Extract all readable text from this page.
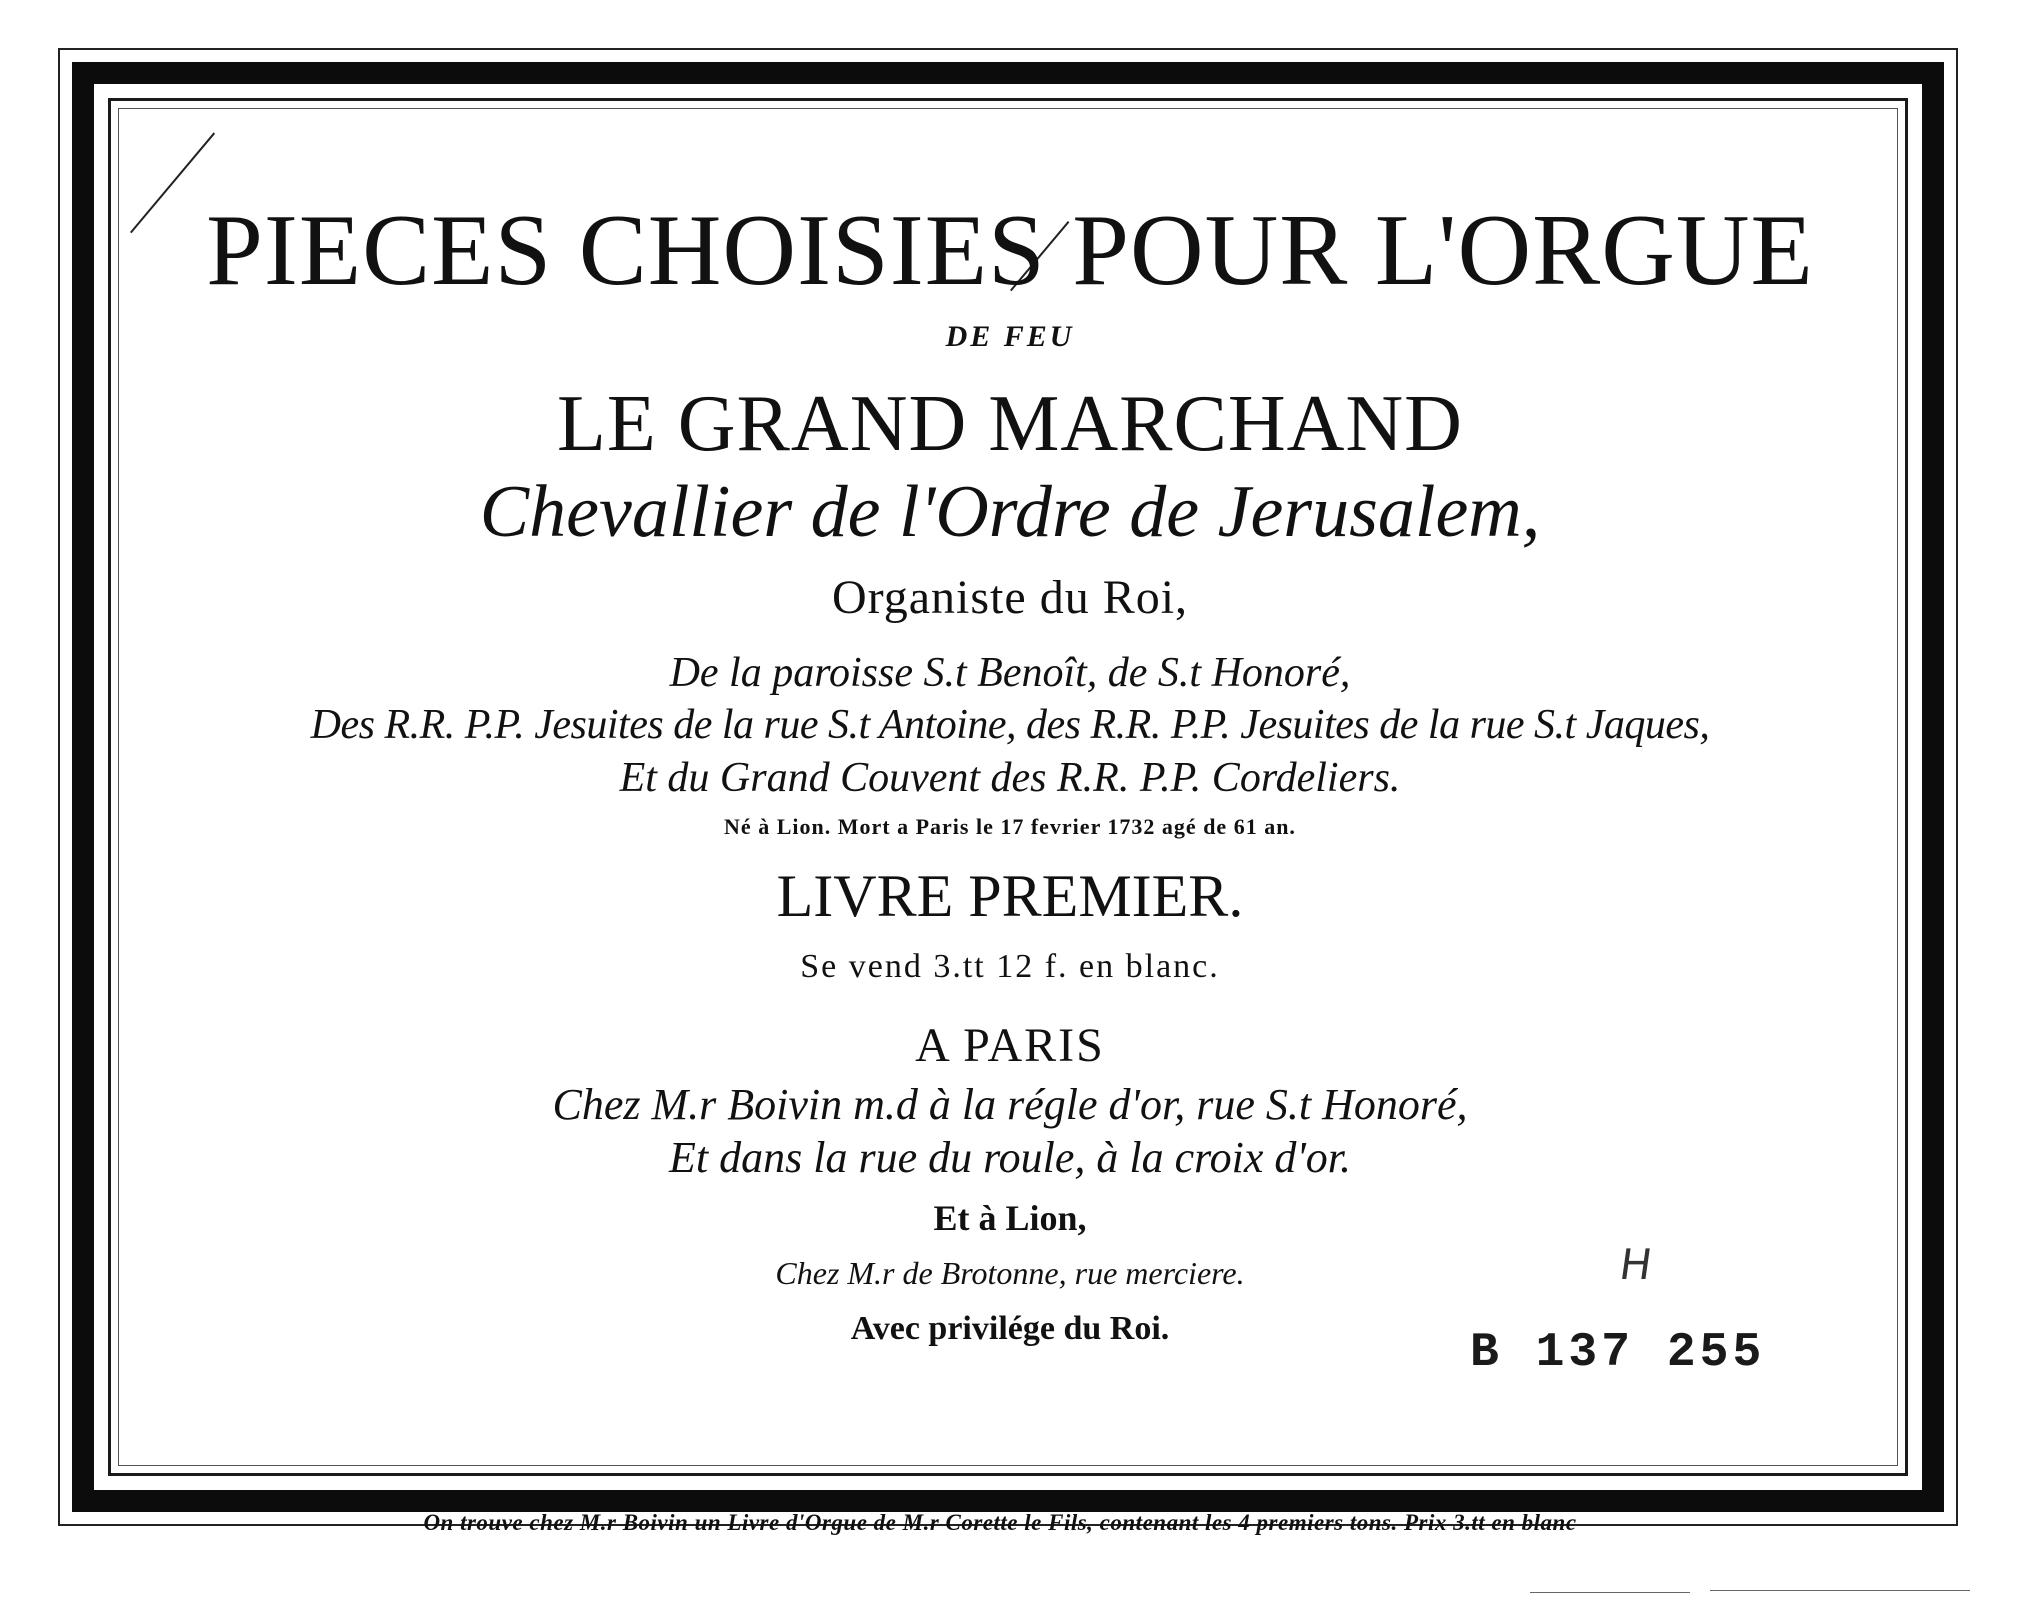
PIECES CHOISIES POUR L'ORGUE

DE FEU

LE GRAND MARCHAND

Chevallier de l'Ordre de Jerusalem,

Organiste du Roi,

De la paroisse S.t Benoît, de S.t Honoré,

Des R.R. P.P. Jesuites de la rue S.t Antoine, des R.R. P.P. Jesuites de la rue S.t Jaques,

Et du Grand Couvent des R.R. P.P. Cordeliers.

Né à Lion. Mort a Paris le 17 fevrier 1732 agé de 61 an.

LIVRE PREMIER.

Se vend 3.tt 12 f. en blanc.

A PARIS

Chez M.r Boivin m.d à la régle d'or, rue S.t Honoré,

Et dans la rue du roule, à la croix d'or.

Et à Lion,

Chez M.r de Brotonne, rue merciere.

Avec privilége du Roi.

H
B 137 255
On trouve chez M.r Boivin un Livre d'Orgue de M.r Corette le Fils, contenant les 4 premiers tons. Prix 3.tt en blanc
